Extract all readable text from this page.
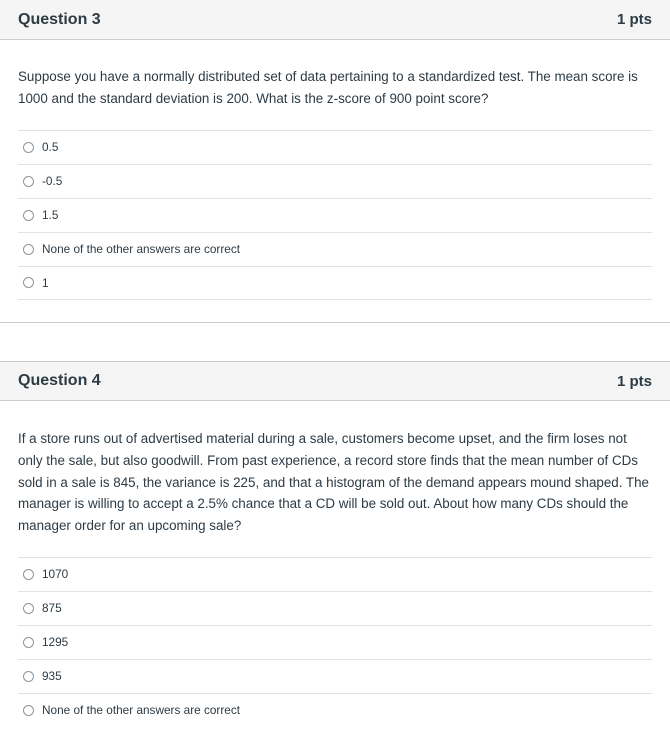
Question 3	1 pts

Suppose you have a normally distributed set of data pertaining to a standardized test. The mean score is 1000 and the standard deviation is 200. What is the z-score of 900 point score?

0.5
-0.5
1.5
None of the other answers are correct
1
Question 4	1 pts

If a store runs out of advertised material during a sale, customers become upset, and the firm loses not only the sale, but also goodwill. From past experience, a record store finds that the mean number of CDs sold in a sale is 845, the variance is 225, and that a histogram of the demand appears mound shaped. The manager is willing to accept a 2.5% chance that a CD will be sold out. About how many CDs should the manager order for an upcoming sale?

1070
875
1295
935
None of the other answers are correct
